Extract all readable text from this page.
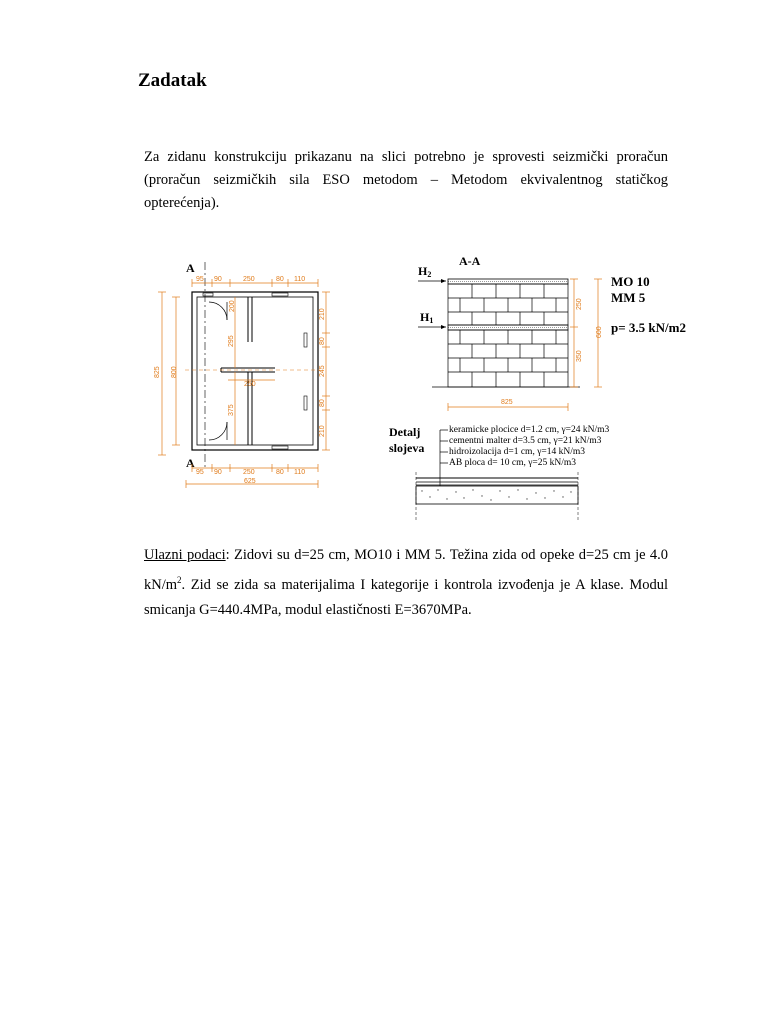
Zadatak
Za zidanu konstrukciju prikazanu na slici potrebno je sprovesti seizmički proračun (proračun seizmičkih sila ESO metodom – Metodom ekvivalentnog statičkog opterećenja).
Ulazni podaci: Zidovi su d=25 cm, MO10 i MM 5. Težina zida od opeke d=25 cm je 4.0 $kN/m^2$. Zid se zida sa materijalima I kategorije i kontrola izvođenja je A klase. Modul smicanja G=440.4MPa, modul elastičnosti E=3670MPa.
A
A
95 90	250	80 110
95 90	250	80 110
625
825 800
210
80
245
80
210
295
375
250
200
A-A
H2
H1
250
350
600
825
MO 10
MM 5
p= 3.5 kN/m2
Detalj
slojeva
keramicke plocice d=1.2 cm, γ=24 kN/m3
cementni malter d=3.5 cm, γ=21 kN/m3
hidroizolacija d=1 cm, γ=14 kN/m3
AB ploca d= 10 cm, γ=25 kN/m3
